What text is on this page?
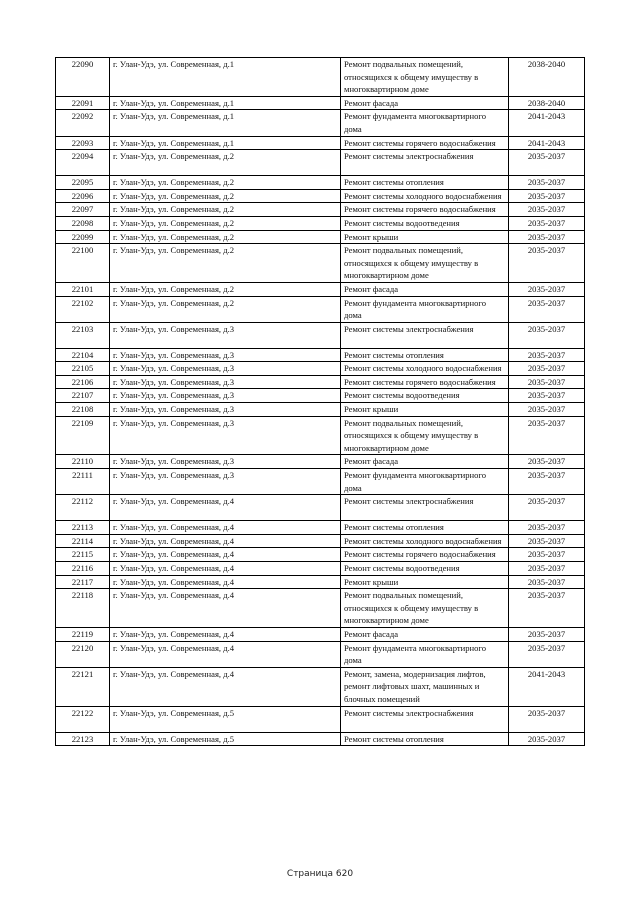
22090	г. Улан-Удэ, ул. Современная, д.1	Ремонт подвальных помещений, относящихся к общему имуществу в многоквартирном доме	2038-2040
22091	г. Улан-Удэ, ул. Современная, д.1	Ремонт фасада	2038-2040
22092	г. Улан-Удэ, ул. Современная, д.1	Ремонт фундамента многоквартирного дома	2041-2043
22093	г. Улан-Удэ, ул. Современная, д.1	Ремонт системы горячего водоснабжения	2041-2043
22094	г. Улан-Удэ, ул. Современная, д.2	Ремонт системы электроснабжения	2035-2037
22095	г. Улан-Удэ, ул. Современная, д.2	Ремонт системы отопления	2035-2037
22096	г. Улан-Удэ, ул. Современная, д.2	Ремонт системы холодного водоснабжения	2035-2037
22097	г. Улан-Удэ, ул. Современная, д.2	Ремонт системы горячего водоснабжения	2035-2037
22098	г. Улан-Удэ, ул. Современная, д.2	Ремонт системы водоотведения	2035-2037
22099	г. Улан-Удэ, ул. Современная, д.2	Ремонт крыши	2035-2037
22100	г. Улан-Удэ, ул. Современная, д.2	Ремонт подвальных помещений, относящихся к общему имуществу в многоквартирном доме	2035-2037
22101	г. Улан-Удэ, ул. Современная, д.2	Ремонт фасада	2035-2037
22102	г. Улан-Удэ, ул. Современная, д.2	Ремонт фундамента многоквартирного дома	2035-2037
22103	г. Улан-Удэ, ул. Современная, д.3	Ремонт системы электроснабжения	2035-2037
22104	г. Улан-Удэ, ул. Современная, д.3	Ремонт системы отопления	2035-2037
22105	г. Улан-Удэ, ул. Современная, д.3	Ремонт системы холодного водоснабжения	2035-2037
22106	г. Улан-Удэ, ул. Современная, д.3	Ремонт системы горячего водоснабжения	2035-2037
22107	г. Улан-Удэ, ул. Современная, д.3	Ремонт системы водоотведения	2035-2037
22108	г. Улан-Удэ, ул. Современная, д.3	Ремонт крыши	2035-2037
22109	г. Улан-Удэ, ул. Современная, д.3	Ремонт подвальных помещений, относящихся к общему имуществу в многоквартирном доме	2035-2037
22110	г. Улан-Удэ, ул. Современная, д.3	Ремонт фасада	2035-2037
22111	г. Улан-Удэ, ул. Современная, д.3	Ремонт фундамента многоквартирного дома	2035-2037
22112	г. Улан-Удэ, ул. Современная, д.4	Ремонт системы электроснабжения	2035-2037
22113	г. Улан-Удэ, ул. Современная, д.4	Ремонт системы отопления	2035-2037
22114	г. Улан-Удэ, ул. Современная, д.4	Ремонт системы холодного водоснабжения	2035-2037
22115	г. Улан-Удэ, ул. Современная, д.4	Ремонт системы горячего водоснабжения	2035-2037
22116	г. Улан-Удэ, ул. Современная, д.4	Ремонт системы водоотведения	2035-2037
22117	г. Улан-Удэ, ул. Современная, д.4	Ремонт крыши	2035-2037
22118	г. Улан-Удэ, ул. Современная, д.4	Ремонт подвальных помещений, относящихся к общему имуществу в многоквартирном доме	2035-2037
22119	г. Улан-Удэ, ул. Современная, д.4	Ремонт фасада	2035-2037
22120	г. Улан-Удэ, ул. Современная, д.4	Ремонт фундамента многоквартирного дома	2035-2037
22121	г. Улан-Удэ, ул. Современная, д.4	Ремонт, замена, модернизация лифтов, ремонт лифтовых шахт, машинных и блочных помещений	2041-2043
22122	г. Улан-Удэ, ул. Современная, д.5	Ремонт системы электроснабжения	2035-2037
22123	г. Улан-Удэ, ул. Современная, д.5	Ремонт системы отопления	2035-2037
Страница 620
